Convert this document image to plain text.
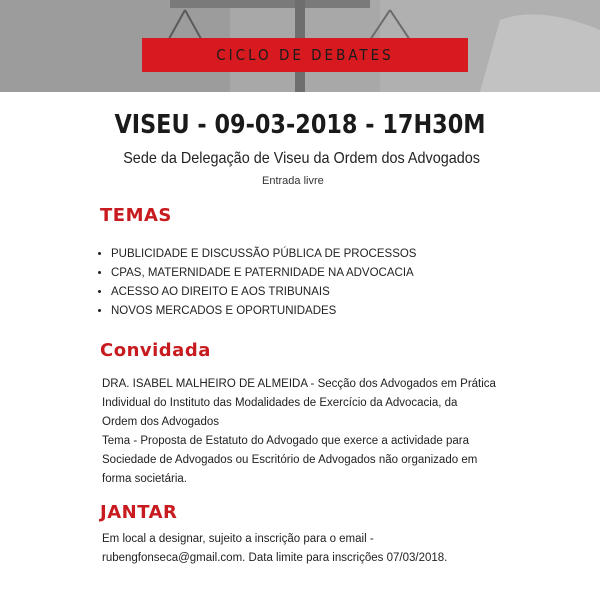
CICLO DE DEBATES
VISEU - 09-03-2018 - 17H30M
Sede da Delegação de Viseu da Ordem dos Advogados
Entrada livre
TEMAS
• PUBLICIDADE E DISCUSSÃO PÚBLICA DE PROCESSOS
• CPAS, MATERNIDADE E PATERNIDADE NA ADVOCACIA
• ACESSO AO DIREITO E AOS TRIBUNAIS
• NOVOS MERCADOS E OPORTUNIDADES
Convidada
DRA. ISABEL MALHEIRO DE ALMEIDA - Secção dos Advogados em Prática
Individual do Instituto das Modalidades de Exercício da Advocacia, da
Ordem dos Advogados
Tema - Proposta de Estatuto do Advogado que exerce a actividade para
Sociedade de Advogados ou Escritório de Advogados não organizado em
forma societária.
JANTAR
Em local a designar, sujeito a inscrição para o email -
rubengfonseca@gmail.com. Data limite para inscrições 07/03/2018.
